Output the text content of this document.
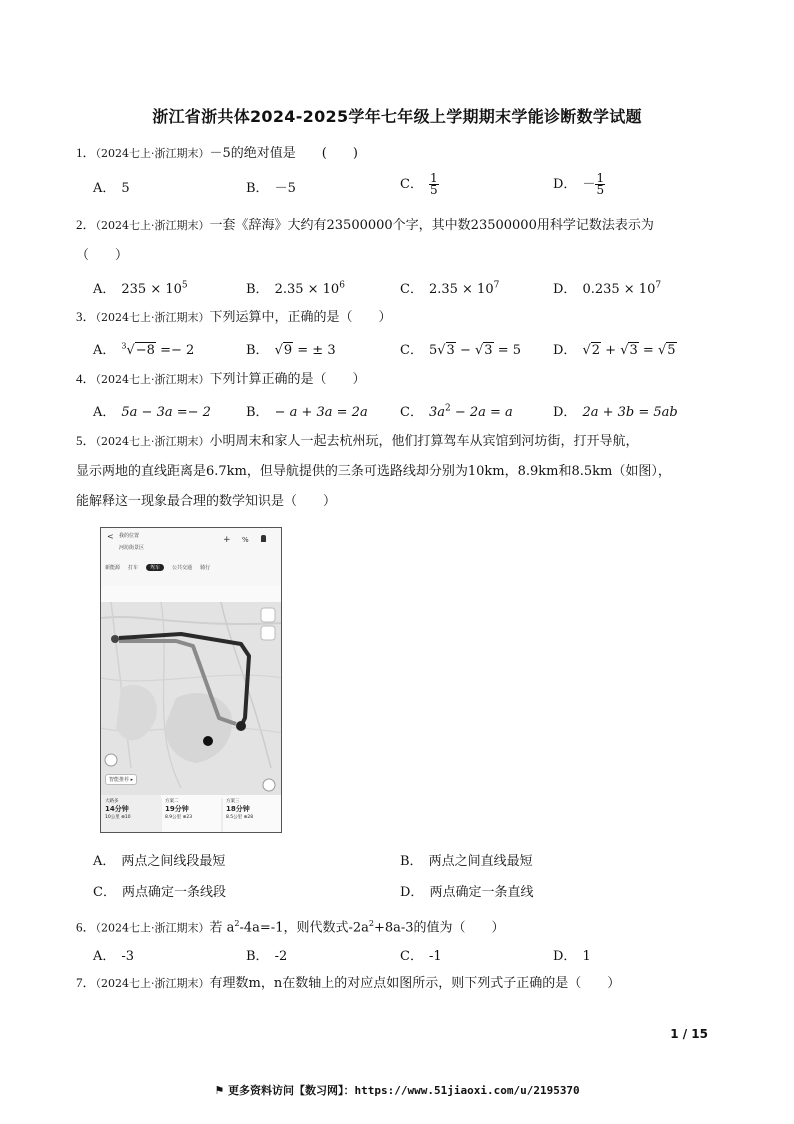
浙江省浙共体2024-2025学年七年级上学期期末学能诊断数学试题
1．（2024七上·浙江期末）－5的绝对值是　　(　　)
A． 5	B． －5	C． $\frac{1}{5}$	D． － $\frac{1}{5}$
2．（2024七上·浙江期末）一套《辞海》大约有23500000个字，其中数23500000用科学记数法表示为
（　　）
A． $235 \times 10^5$	B． $2.35 \times 10^6$	C． $2.35 \times 10^7$	D． $0.235 \times 10^7$
3．（2024七上·浙江期末）下列运算中，正确的是（　　）
A． $^3$√−8 =− 2	B． √9 = ± 3	C． 5√3 − √3 = 5 D． √2 + √3 = √5
4．（2024七上·浙江期末）下列计算正确的是（　　）
A． 5a − 3a =− 2	B． − a + 3a = 2a C． $3a^2 - 2a = a$	D． 2a + 3b = 5ab
5．（2024七上·浙江期末）小明周末和家人一起去杭州玩，他们打算驾车从宾馆到河坊街，打开导航，
显示两地的直线距离是6.7km，但导航提供的三条可选路线却分别为10km，8.9km和8.5km（如图），
能解释这一现象最合理的数学知识是（　　）
< 我的位置
河坊街景区
+ %
新能源 打车	驾车	公共交通 骑行
智能推荐 ▸
大路多
14分钟
10公里 ⊕10
方案二
19分钟
8.9公里 ⊕23
方案三
18分钟
8.5公里 ⊕28
A． 两点之间线段最短	B． 两点之间直线最短
C． 两点确定一条线段	D． 两点确定一条直线
6．（2024七上·浙江期末）若 $a^2-4a=-1$，则代数式$-2a^2+8a-3$的值为（　　）
A． -3	B． -2	C． -1	D． 1
7．（2024七上·浙江期末）有理数m，n在数轴上的对应点如图所示，则下列式子正确的是（　　）
1 / 15
⚑ 更多资料访问【数习网】：https://www.51jiaoxi.com/u/2195370
